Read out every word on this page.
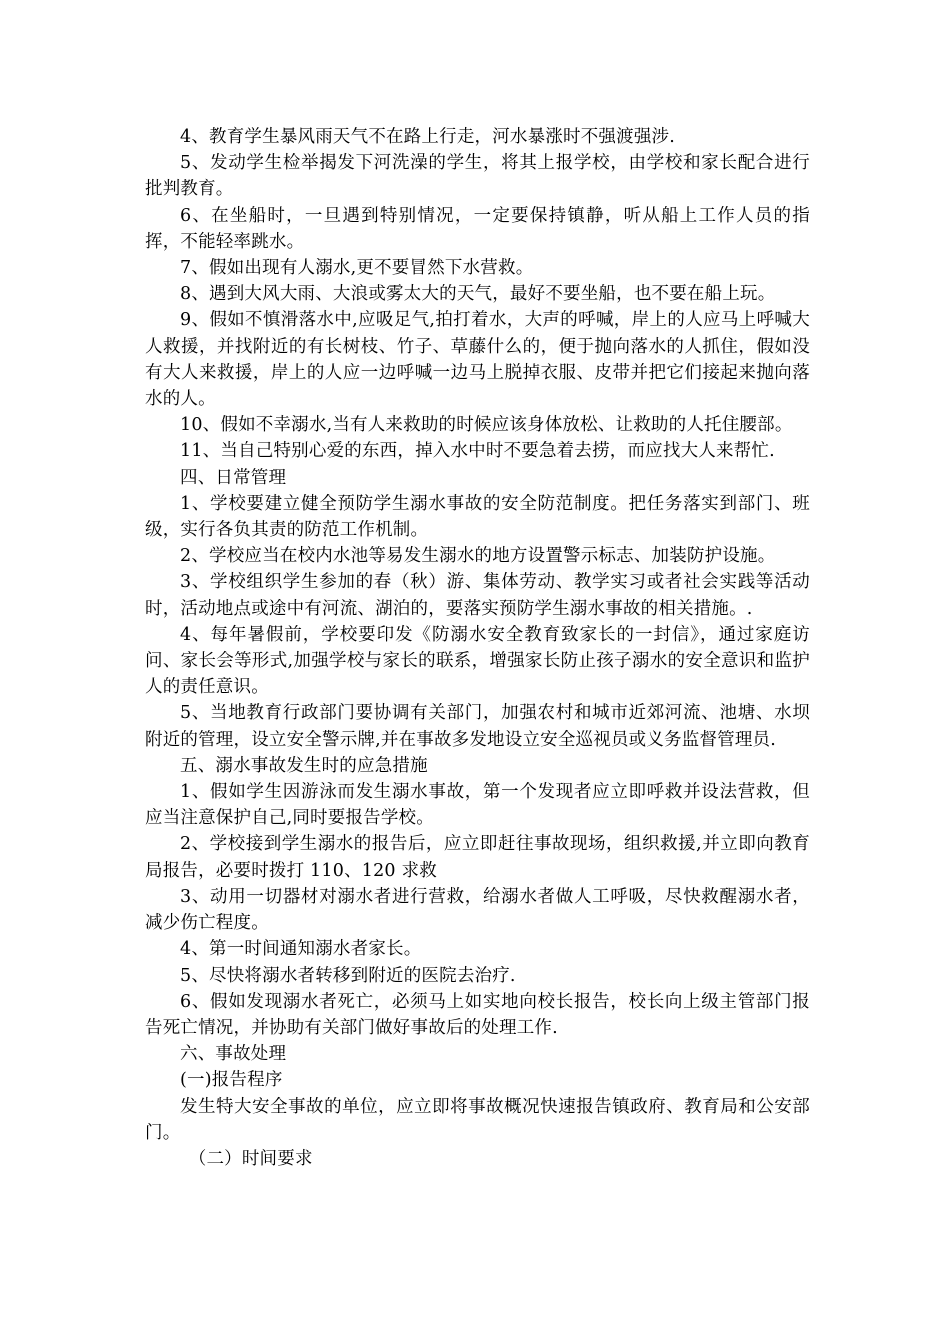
4、教育学生暴风雨天气不在路上行走，河水暴涨时不强渡强涉.

5、发动学生检举揭发下河洗澡的学生，将其上报学校，由学校和家长配合进行批判教育。

6、在坐船时，一旦遇到特别情况，一定要保持镇静，听从船上工作人员的指挥，不能轻率跳水。

7、假如出现有人溺水,更不要冒然下水营救。

8、遇到大风大雨、大浪或雾太大的天气，最好不要坐船，也不要在船上玩。

9、假如不慎滑落水中,应吸足气,拍打着水，大声的呼喊，岸上的人应马上呼喊大人救援，并找附近的有长树枝、竹子、草藤什么的，便于抛向落水的人抓住，假如没有大人来救援，岸上的人应一边呼喊一边马上脱掉衣服、皮带并把它们接起来抛向落水的人。

10、假如不幸溺水,当有人来救助的时候应该身体放松、让救助的人托住腰部。

11、当自己特别心爱的东西，掉入水中时不要急着去捞，而应找大人来帮忙.

四、日常管理

1、学校要建立健全预防学生溺水事故的安全防范制度。把任务落实到部门、班级，实行各负其责的防范工作机制。

2、学校应当在校内水池等易发生溺水的地方设置警示标志、加装防护设施。

3、学校组织学生参加的春（秋）游、集体劳动、教学实习或者社会实践等活动时，活动地点或途中有河流、湖泊的，要落实预防学生溺水事故的相关措施。.

4、每年暑假前，学校要印发《防溺水安全教育致家长的一封信》，通过家庭访问、家长会等形式,加强学校与家长的联系，增强家长防止孩子溺水的安全意识和监护人的责任意识。

5、当地教育行政部门要协调有关部门，加强农村和城市近郊河流、池塘、水坝附近的管理，设立安全警示牌,并在事故多发地设立安全巡视员或义务监督管理员.

五、溺水事故发生时的应急措施

1、假如学生因游泳而发生溺水事故，第一个发现者应立即呼救并设法营救，但应当注意保护自己,同时要报告学校。

2、学校接到学生溺水的报告后，应立即赶往事故现场，组织救援,并立即向教育局报告，必要时拨打 110、120 求救

3、动用一切器材对溺水者进行营救，给溺水者做人工呼吸，尽快救醒溺水者，减少伤亡程度。

4、第一时间通知溺水者家长。

5、尽快将溺水者转移到附近的医院去治疗.

6、假如发现溺水者死亡，必须马上如实地向校长报告，校长向上级主管部门报告死亡情况，并协助有关部门做好事故后的处理工作.

六、事故处理

(一)报告程序

发生特大安全事故的单位，应立即将事故概况快速报告镇政府、教育局和公安部门。

（二）时间要求
